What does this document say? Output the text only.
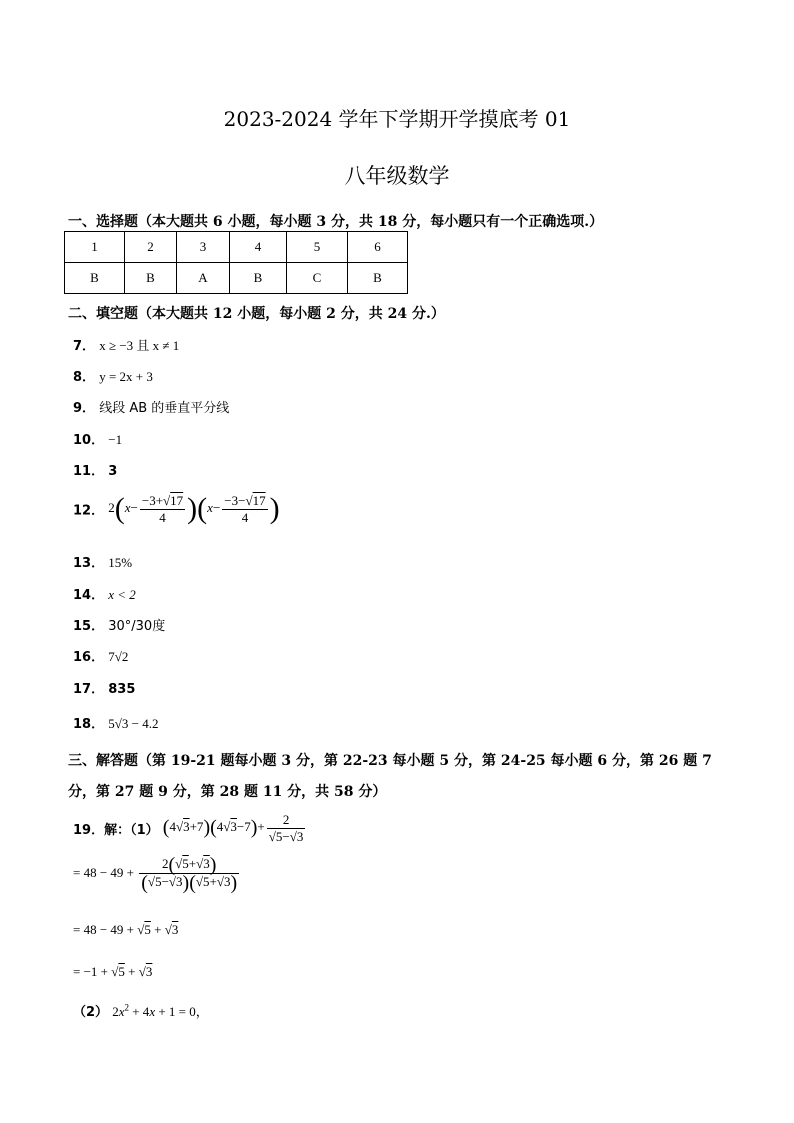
2023-2024 学年下学期开学摸底考 01
八年级数学
一、选择题（本大题共 6 小题，每小题 3 分，共 18 分，每小题只有一个正确选项.）
1	2	3	4	5	6
B	B	A	B	C	B
二、填空题（本大题共 12 小题，每小题 2 分，共 24 分.）
7． x ≥ −3 且 x ≠ 1
8． y = 2x + 3
9． 线段 AB 的垂直平分线
10． −1
11． 3
12． $2(x- \frac{-3+√17}{4} )(x- \frac{-3-√17}{4}$ )
13． 15%
14． x < 2
15． 30°/30度
16． 7√2
17． 835
18． 5√3 − 4.2
三、解答题（第 19-21 题每小题 3 分，第 22-23 每小题 5 分，第 24-25 每小题 6 分，第 26 题 7
分，第 27 题 9 分，第 28 题 11 分，共 58 分）
19．解：（1） $(4√3+7)(4√3-7)+ \frac{2}{√5-√3}$
= $48 - 49 + \frac{2(√5+√3)}{(√5-√3)(√5+√3)}$
= 48 − 49 + √5 + √3
= −1 + √5 + √3
（2） $2x^2 + 4x + 1 = 0$，
